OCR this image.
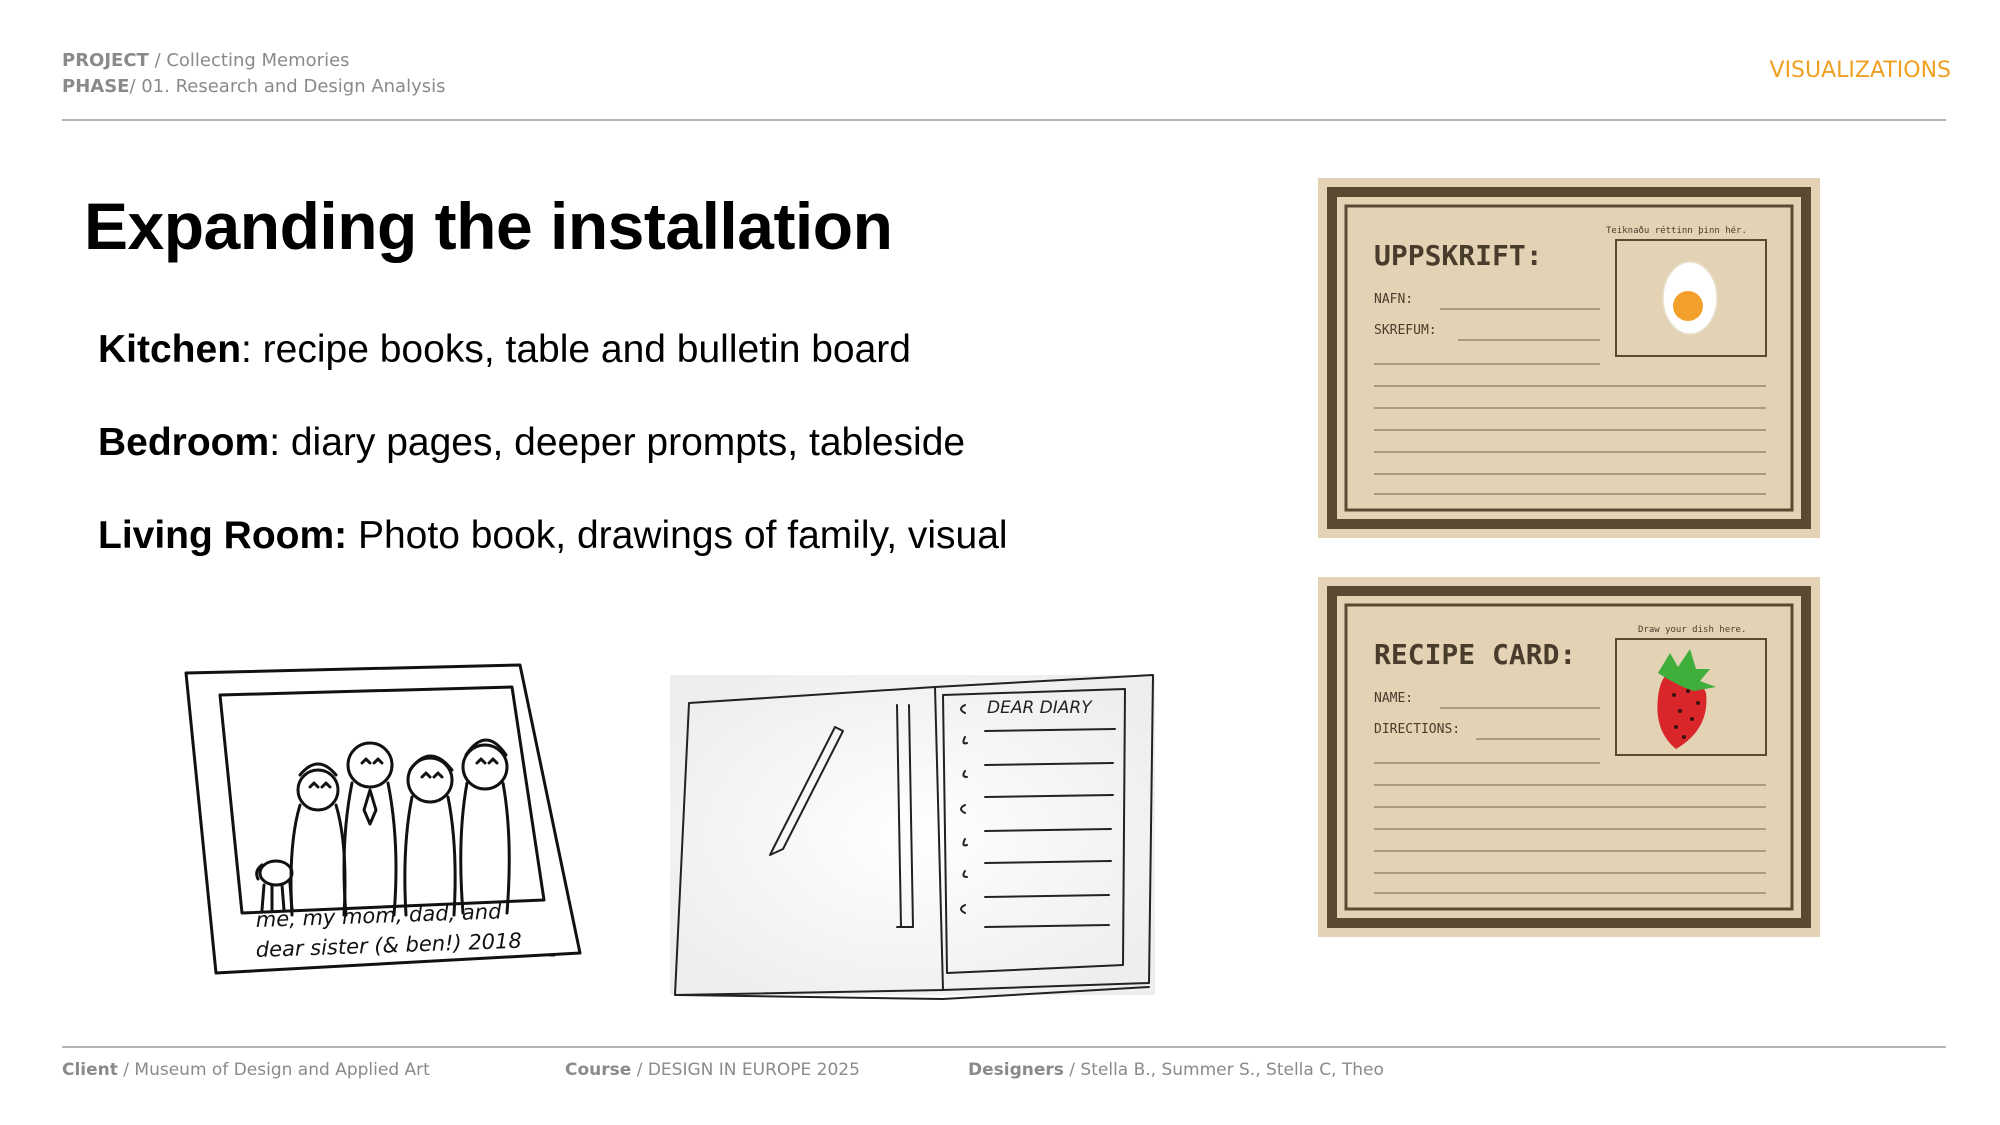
PROJECT / Collecting Memories
PHASE/ 01. Research and Design Analysis
VISUALIZATIONS
Expanding the installation
Kitchen: recipe books, table and bulletin board
Bedroom: diary pages, deeper prompts, tableside
Living Room: Photo book, drawings of family, visual
me, my mom, dad, and
dear sister (& ben!) 2018
DEAR DIARY
Teiknaðu réttinn þinn hér.
UPPSKRIFT:
NAFN:
SKREFUM:
Draw your dish here.
RECIPE CARD:
NAME:
DIRECTIONS:
Client / Museum of Design and Applied Art	Course / DESIGN IN EUROPE 2025	Designers / Stella B., Summer S., Stella C, Theo
